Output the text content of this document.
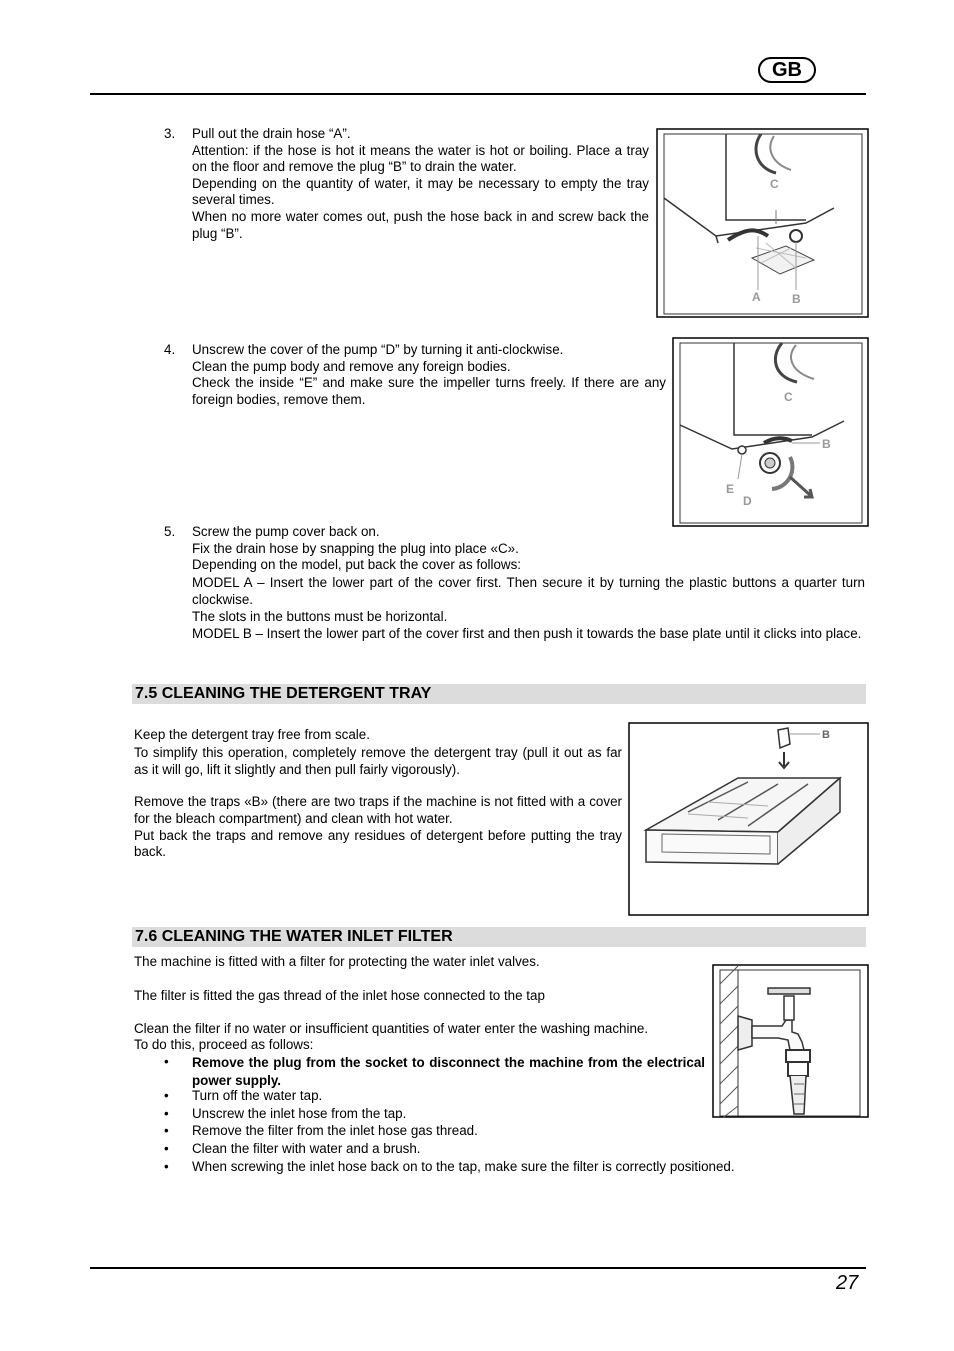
GB
3. Pull out the drain hose “A”.

Attention: if the hose is hot it means the water is hot or boiling. Place a tray on the floor and remove the plug “B” to drain the water.

Depending on the quantity of water, it may be necessary to empty the tray several times.

When no more water comes out, push the hose back in and screw back the plug “B”.

C
A	B
4. Unscrew the cover of the pump “D” by turning it anti-clockwise.

Clean the pump body and remove any foreign bodies.

Check the inside “E” and make sure the impeller turns freely. If there are any foreign bodies, remove them.	C
B
E
D
5. Screw the pump cover back on.

Fix the drain hose by snapping the plug into place «C».

Depending on the model, put back the cover as follows:

MODEL A – Insert the lower part of the cover first. Then secure it by turning the plastic buttons a quarter turn clockwise.

The slots in the buttons must be horizontal.

MODEL B – Insert the lower part of the cover first and then push it towards the base plate until it clicks into place.

7.5 CLEANING THE DETERGENT TRAY

Keep the detergent tray free from scale.

To simplify this operation, completely remove the detergent tray (pull it out as far as it will go, lift it slightly and then pull fairly vigorously).

Remove the traps «B» (there are two traps if the machine is not fitted with a cover for the bleach compartment) and clean with hot water.

Put back the traps and remove any residues of detergent before putting the tray back.

B
7.6 CLEANING THE WATER INLET FILTER

The machine is fitted with a filter for protecting the water inlet valves.

The filter is fitted the gas thread of the inlet hose connected to the tap

Clean the filter if no water or insufficient quantities of water enter the washing machine.

To do this, proceed as follows:

• Remove the plug from the socket to disconnect the machine from the electrical power supply.

• Turn off the water tap.

• Unscrew the inlet hose from the tap.

• Remove the filter from the inlet hose gas thread.

• Clean the filter with water and a brush.

• When screwing the inlet hose back on to the tap, make sure the filter is correctly positioned.

27
